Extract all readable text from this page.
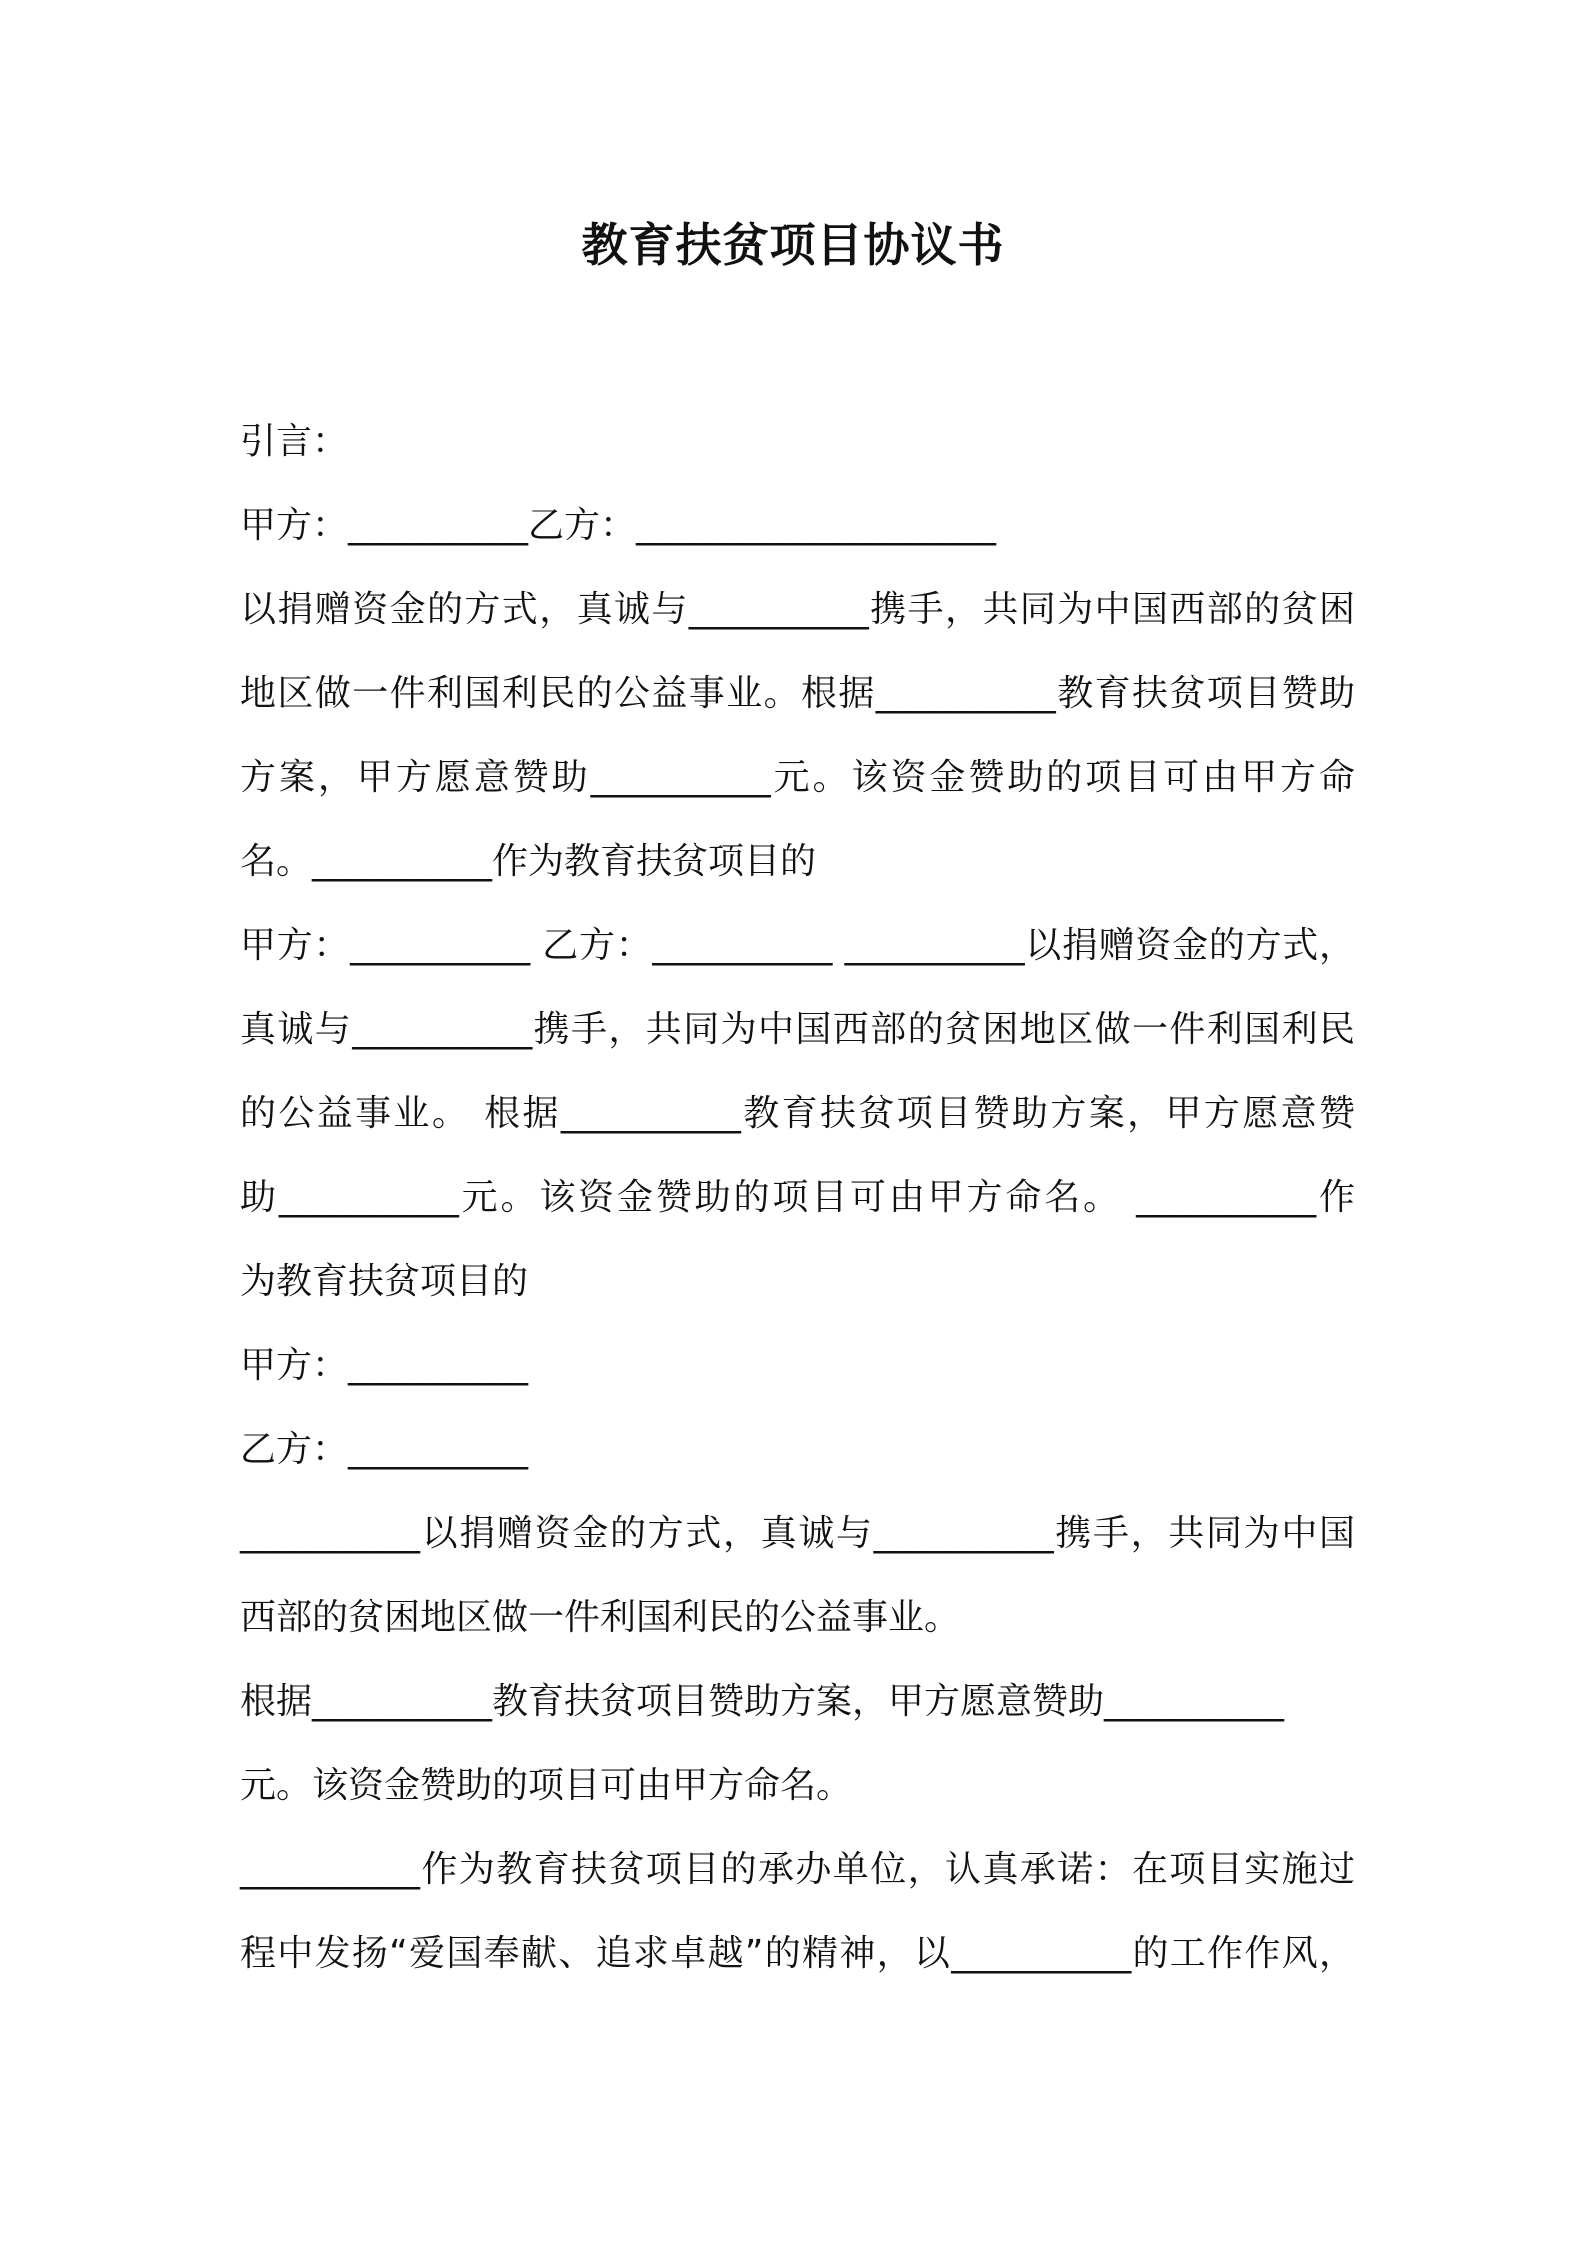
教育扶贫项目协议书
引言：
甲方：__________乙方：____________________
以捐赠资金的方式，真诚与__________携手，共同为中国西部的贫困
地区做一件利国利民的公益事业。根据__________教育扶贫项目赞助
方案，甲方愿意赞助__________元。该资金赞助的项目可由甲方命
名。__________作为教育扶贫项目的
甲方：__________ 乙方：__________ __________以捐赠资金的方式，
真诚与__________携手，共同为中国西部的贫困地区做一件利国利民
的公益事业。 根据__________教育扶贫项目赞助方案，甲方愿意赞
助__________元。该资金赞助的项目可由甲方命名。 __________作
为教育扶贫项目的
甲方：__________
乙方：__________
__________以捐赠资金的方式，真诚与__________携手，共同为中国
西部的贫困地区做一件利国利民的公益事业。
根据__________教育扶贫项目赞助方案，甲方愿意赞助__________
元。该资金赞助的项目可由甲方命名。
__________作为教育扶贫项目的承办单位，认真承诺：在项目实施过
程中发扬“爱国奉献、追求卓越”的精神，以__________的工作作风，
